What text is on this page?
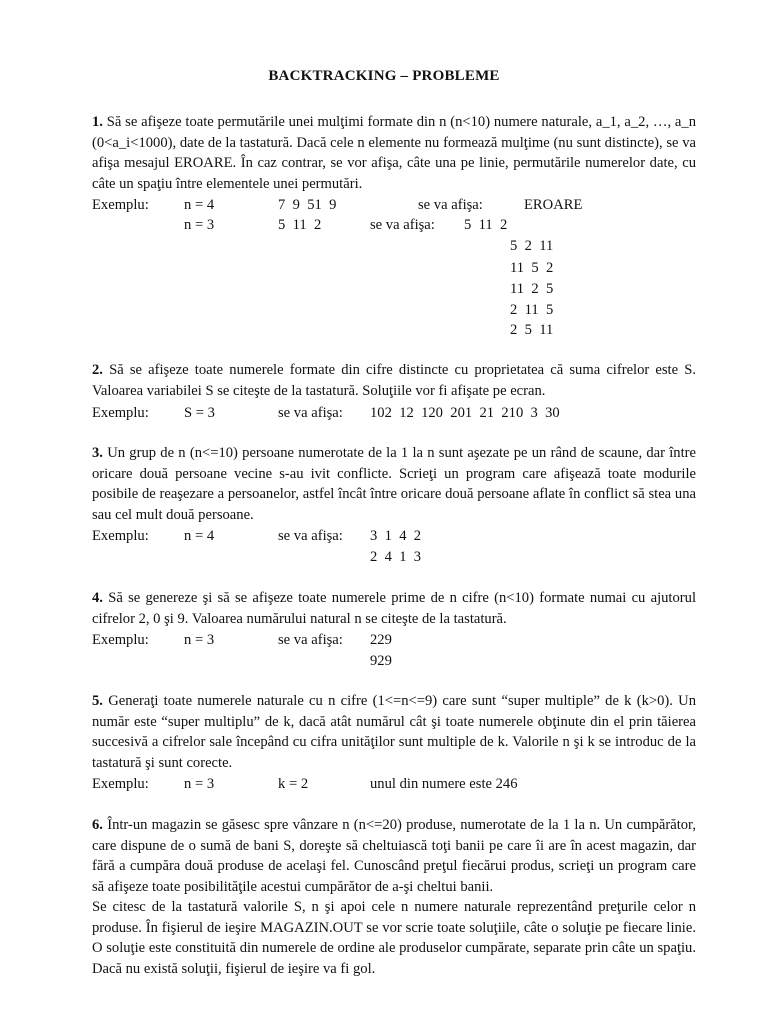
BACKTRACKING – PROBLEME
1. Să se afişeze toate permutările unei mulţimi formate din n (n<10) numere naturale, a_1, a_2, …, a_n (0<a_i<1000), date de la tastatură. Dacă cele n elemente nu formează mulţime (nu sunt distincte), se va afişa mesajul EROARE. În caz contrar, se vor afişa, câte una pe linie, permutările numerelor date, cu câte un spaţiu între elementele unei permutări.
Exemplu: n = 4	7  9  51  9	se va afişa:	EROARE
n = 3	5  11  2	se va afişa: 5  11  2
5  2  11
11  5  2
11  2  5
2  11  5
2  5  11
2. Să se afişeze toate numerele formate din cifre distincte cu proprietatea că suma cifrelor este S. Valoarea variabilei S se citeşte de la tastatură. Soluţiile vor fi afişate pe ecran.
Exemplu: S = 3	se va afişa: 102  12  120  201  21  210  3  30
3. Un grup de n (n<=10) persoane numerotate de la 1 la n sunt aşezate pe un rând de scaune, dar între oricare două persoane vecine s-au ivit conflicte. Scrieţi un program care afişează toate modurile posibile de reaşezare a persoanelor, astfel încât între oricare două persoane aflate în conflict să stea una sau cel mult două persoane.
Exemplu: n = 4	se va afişa: 3  1  4  2
2  4  1  3
4. Să se genereze şi să se afişeze toate numerele prime de n cifre (n<10) formate numai cu ajutorul cifrelor 2, 0 şi 9. Valoarea numărului natural n se citeşte de la tastatură.
Exemplu: n = 3	se va afişa: 229
929
5. Generaţi toate numerele naturale cu n cifre (1<=n<=9) care sunt “super multiple” de k (k>0). Un număr este “super multiplu” de k, dacă atât numărul cât şi toate numerele obţinute din el prin tăierea succesivă a cifrelor sale începând cu cifra unităţilor sunt multiple de k. Valorile n şi k se introduc de la tastatură şi sunt corecte.
Exemplu: n = 3	k = 2	unul din numere este 246
6. Într-un magazin se găsesc spre vânzare n (n<=20) produse, numerotate de la 1 la n. Un cumpărător, care dispune de o sumă de bani S, doreşte să cheltuiască toţi banii pe care îi are în acest magazin, dar fără a cumpăra două produse de acelaşi fel. Cunoscând preţul fiecărui produs, scrieţi un program care să afişeze toate posibilităţile acestui cumpărător de a-şi cheltui banii.
Se citesc de la tastatură valorile S, n şi apoi cele n numere naturale reprezentând preţurile celor n produse. În fişierul de ieşire MAGAZIN.OUT se vor scrie toate soluţiile, câte o soluţie pe fiecare linie. O soluţie este constituită din numerele de ordine ale produselor cumpărate, separate prin câte un spaţiu. Dacă nu există soluţii, fişierul de ieşire va fi gol.
